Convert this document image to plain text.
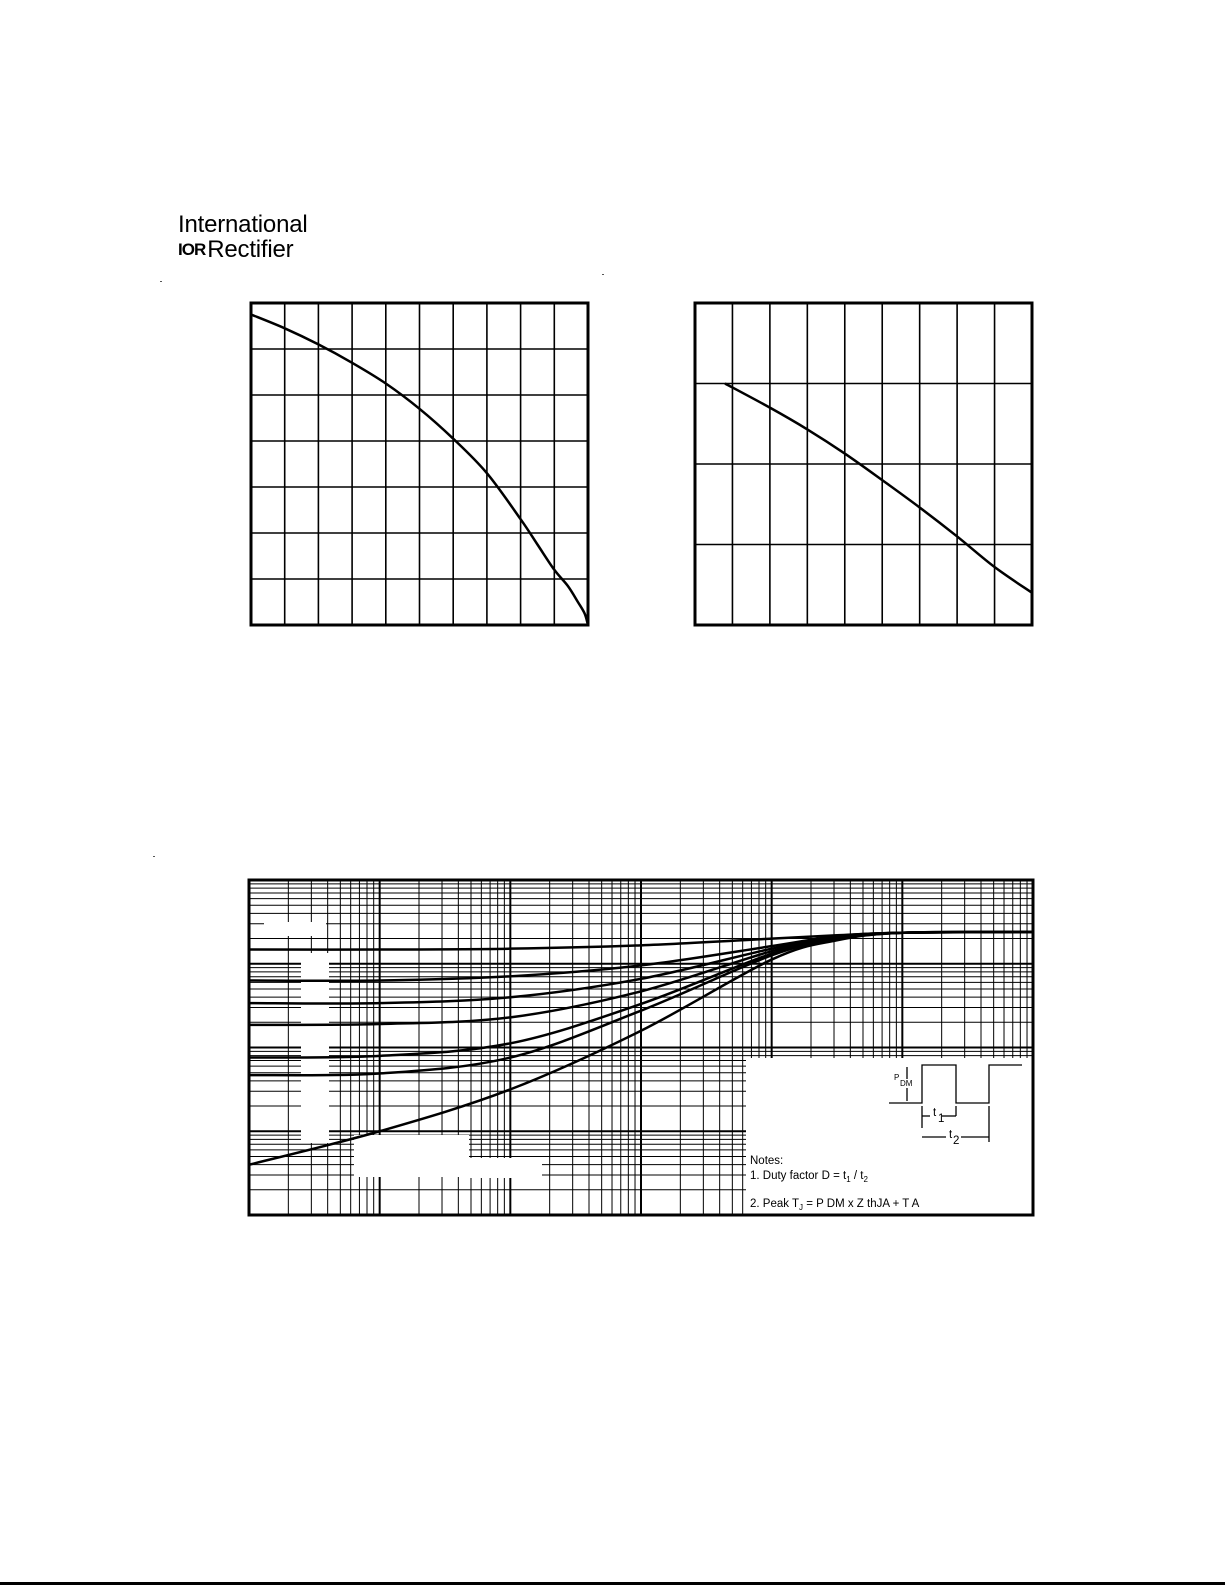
International
IOR Rectifier
P
DM
t 1
t 2
Notes:
1. Duty factor $D = t_1 / t_2$
2. Peak $T_J = P$ DM x Z thJA + T A
